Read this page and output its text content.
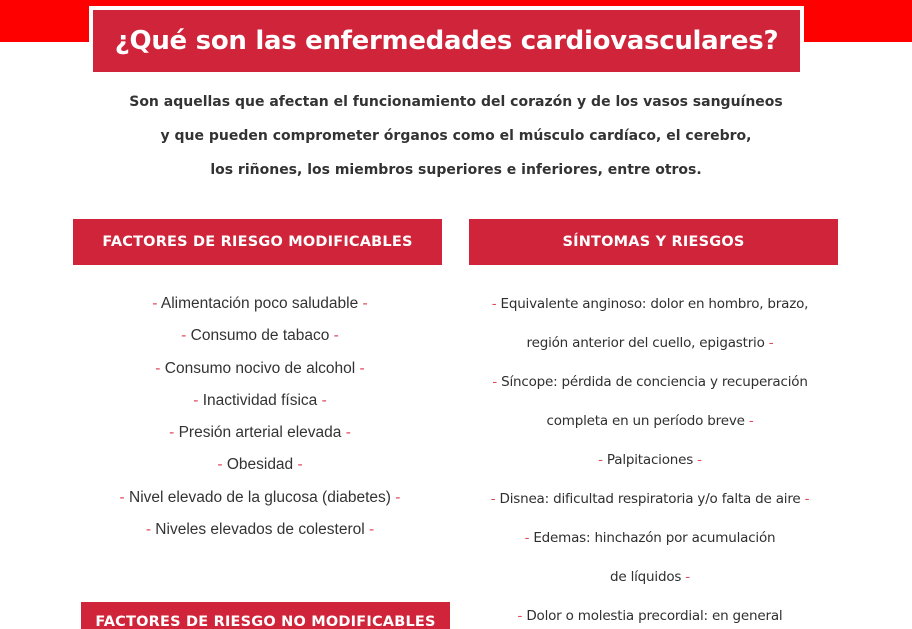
¿Qué son las enfermedades cardiovasculares?

Son aquellas que afectan el funcionamiento del corazón y de los vasos sanguíneos

y que pueden comprometer órganos como el músculo cardíaco, el cerebro,

los riñones, los miembros superiores e inferiores, entre otros.

FACTORES DE RIESGO MODIFICABLES	SÍNTOMAS Y RIESGOS
FACTORES DE RIESGO NO MODIFICABLES
- Alimentación poco saludable -
- Consumo de tabaco -
- Consumo nocivo de alcohol -
- Inactividad física -
- Presión arterial elevada -
- Obesidad -
- Nivel elevado de la glucosa (diabetes) -
- Niveles elevados de colesterol -
- Equivalente anginoso: dolor en hombro, brazo,
región anterior del cuello, epigastrio -
- Síncope: pérdida de conciencia y recuperación
completa en un período breve -
- Palpitaciones -
- Disnea: dificultad respiratoria y/o falta de aire -
- Edemas: hinchazón por acumulación
de líquidos -
- Dolor o molestia precordial: en general
